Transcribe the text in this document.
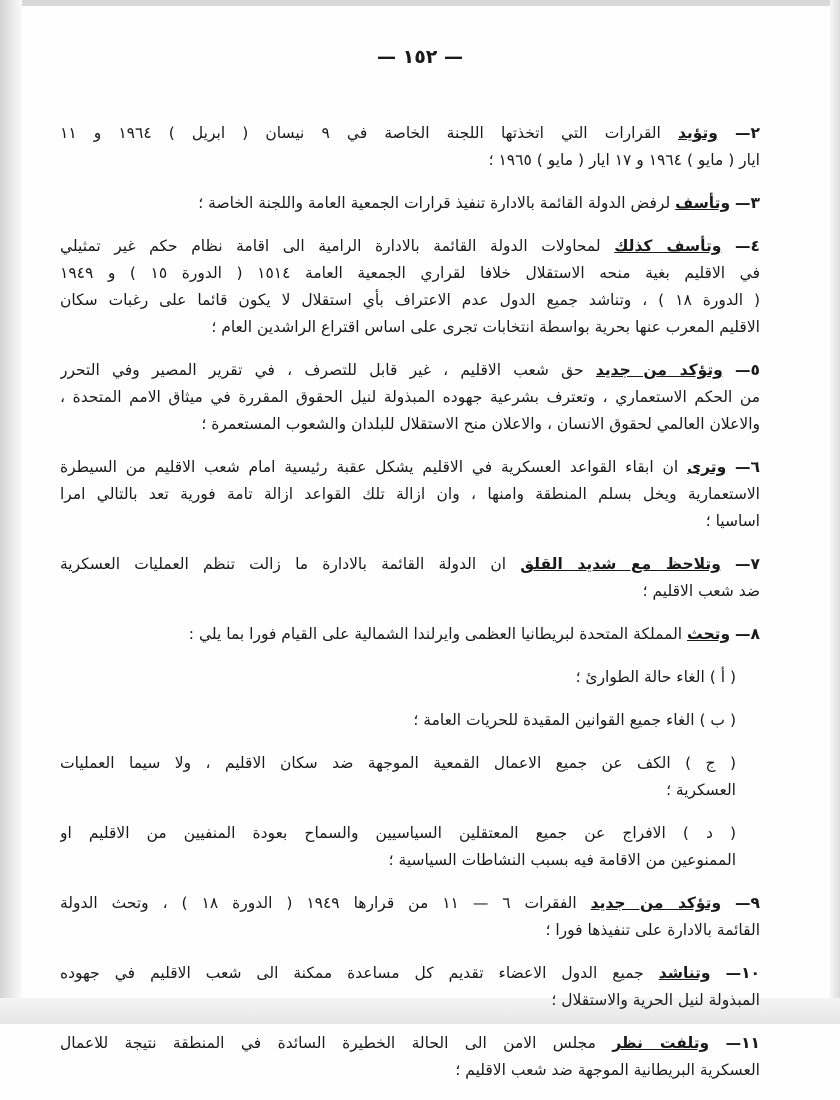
— ١٥٢ —
٢— وتؤيد القرارات التي اتخذتها اللجنة الخاصة في ٩ نيسان ( ابريل ) ١٩٦٤ و ١١
ايار ( مايو ) ١٩٦٤ و ١٧ ايار ( مايو ) ١٩٦٥ ؛
٣— وتأسف لرفض الدولة القائمة بالادارة تنفيذ قرارات الجمعية العامة واللجنة الخاصة ؛
٤— وتأسف كذلك لمحاولات الدولة القائمة بالادارة الرامية الى اقامة نظام حكم غير تمثيلي
في الاقليم بغية منحه الاستقلال خلافا لقراري الجمعية العامة ١٥١٤ ( الدورة ١٥ ) و ١٩٤٩
( الدورة ١٨ ) ، وتناشد جميع الدول عدم الاعتراف بأي استقلال لا يكون قائما على رغبات سكان
الاقليم المعرب عنها بحرية بواسطة انتخابات تجرى على اساس اقتراع الراشدين العام ؛
٥— وتؤكد من جديد حق شعب الاقليم ، غير قابل للتصرف ، في تقرير المصير وفي التحرر
من الحكم الاستعماري ، وتعترف بشرعية جهوده المبذولة لنيل الحقوق المقررة في ميثاق الامم المتحدة ،
والاعلان العالمي لحقوق الانسان ، والاعلان منح الاستقلال للبلدان والشعوب المستعمرة ؛
٦— وترى ان ابقاء القواعد العسكرية في الاقليم يشكل عقبة رئيسية امام شعب الاقليم من السيطرة
الاستعمارية ويخل بسلم المنطقة وامنها ، وان ازالة تلك القواعد ازالة تامة فورية تعد بالتالي امرا
اساسيا ؛
٧— وتلاحظ مع شديد القلق ان الدولة القائمة بالادارة ما زالت تنظم العمليات العسكرية
ضد شعب الاقليم ؛
٨— وتحث المملكة المتحدة لبريطانيا العظمى وايرلندا الشمالية على القيام فورا بما يلي :
( أ ) الغاء حالة الطوارئ ؛
( ب ) الغاء جميع القوانين المقيدة للحريات العامة ؛
( ج ) الكف عن جميع الاعمال القمعية الموجهة ضد سكان الاقليم ، ولا سيما العمليات
العسكرية ؛
( د ) الافراج عن جميع المعتقلين السياسيين والسماح بعودة المنفيين من الاقليم او
الممنوعين من الاقامة فيه بسبب النشاطات السياسية ؛
٩— وتؤكد من جديد الفقرات ٦ — ١١ من قرارها ١٩٤٩ ( الدورة ١٨ ) ، وتحث الدولة
القائمة بالادارة على تنفيذها فورا ؛
١٠— وتناشد جميع الدول الاعضاء تقديم كل مساعدة ممكنة الى شعب الاقليم في جهوده
المبذولة لنيل الحرية والاستقلال ؛
١١— وتلفت نظر مجلس الامن الى الحالة الخطيرة السائدة في المنطقة نتيجة للاعمال
العسكرية البريطانية الموجهة ضد شعب الاقليم ؛
